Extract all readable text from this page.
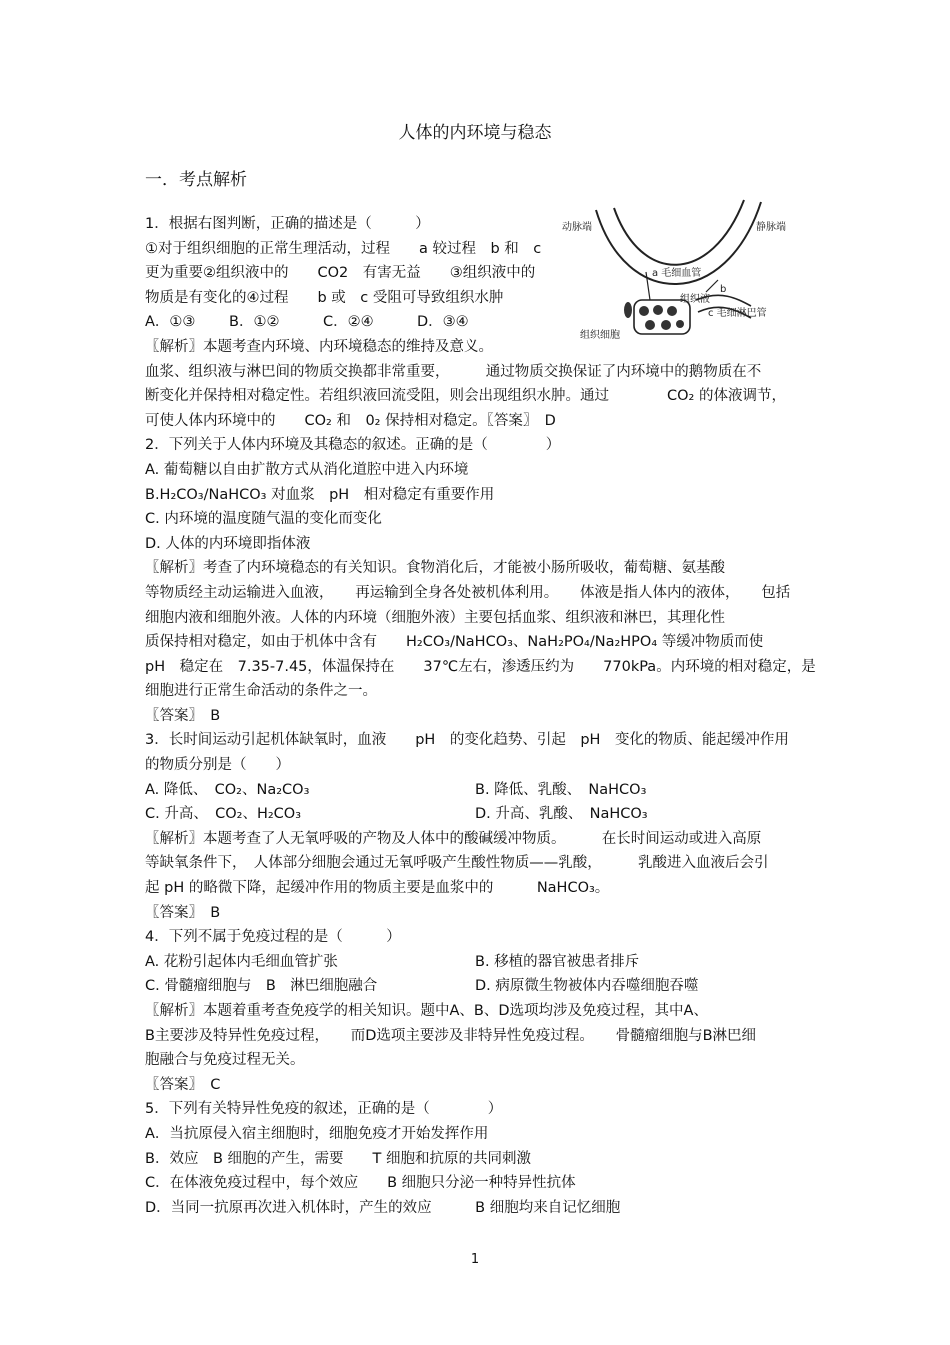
人体的内环境与稳态
一．考点解析
动脉端	静脉端
a 毛细血管
b
组织液
c 毛细淋巴管
组织细胞

1．根据右图判断，正确的描述是（　　　）

①对于组织细胞的正常生理活动，过程　　a 较过程　b 和　c

更为重要②组织液中的　　CO2　有害无益　　③组织液中的

物质是有变化的④过程　　b 或　c 受阻可导致组织水肿

A．①③	B．①②	C．②④	D．③④

〖解析〗本题考查内环境、内环境稳态的维持及意义。

血浆、组织液与淋巴间的物质交换都非常重要，　　　通过物质交换保证了内环境中的鹅物质在不

断变化并保持相对稳定性。若组织液回流受阻，则会出现组织水肿。通过　　　　CO₂ 的体液调节，

可使人体内环境中的　　CO₂ 和　0₂ 保持相对稳定。〖答案〗　D

2．下列关于人体内环境及其稳态的叙述。正确的是（　　　　）

A. 葡萄糖以自由扩散方式从消化道腔中进入内环境

B.H₂CO₃/NaHCO₃ 对血浆　pH　相对稳定有重要作用

C. 内环境的温度随气温的变化而变化

D. 人体的内环境即指体液

〖解析〗考查了内环境稳态的有关知识。食物消化后，才能被小肠所吸收，葡萄糖、氨基酸

等物质经主动运输进入血液，　　再运输到全身各处被机体利用。　　体液是指人体内的液体，　　包括

细胞内液和细胞外液。人体的内环境（细胞外液）主要包括血浆、组织液和淋巴，其理化性

质保持相对稳定，如由于机体中含有　　H₂CO₃/NaHCO₃、NaH₂PO₄/Na₂HPO₄ 等缓冲物质而使

pH　稳定在　7.35-7.45，体温保持在　　37℃左右，渗透压约为　　770kPa。内环境的相对稳定，是

细胞进行正常生命活动的条件之一。

〖答案〗　B

3．长时间运动引起机体缺氧时，血液　　pH　的变化趋势、引起　pH　变化的物质、能起缓冲作用

的物质分别是（　　）

A. 降低、　CO₂、Na₂CO₃	B. 降低、乳酸、　NaHCO₃

C. 升高、　CO₂、H₂CO₃	D. 升高、乳酸、　NaHCO₃

〖解析〗本题考查了人无氧呼吸的产物及人体中的酸碱缓冲物质。　　　在长时间运动或进入高原

等缺氧条件下，　人体部分细胞会通过无氧呼吸产生酸性物质——乳酸，　　　乳酸进入血液后会引

起 pH 的略微下降，起缓冲作用的物质主要是血浆中的　　　NaHCO₃。

〖答案〗　B

4．下列不属于免疫过程的是（　　　）

A. 花粉引起体内毛细血管扩张	B. 移植的器官被患者排斥

C. 骨髓瘤细胞与　B　淋巴细胞融合	D. 病原微生物被体内吞噬细胞吞噬

〖解析〗本题着重考查免疫学的相关知识。题中A、B、D选项均涉及免疫过程，其中A、

B主要涉及特异性免疫过程，　　而D选项主要涉及非特异性免疫过程。　　骨髓瘤细胞与B淋巴细

胞融合与免疫过程无关。

〖答案〗　C

5．下列有关特异性免疫的叙述，正确的是（　　　　）

A．当抗原侵入宿主细胞时，细胞免疫才开始发挥作用

B．效应　B 细胞的产生，需要　　T 细胞和抗原的共同刺激

C．在体液免疫过程中，每个效应　　B 细胞只分泌一种特异性抗体

D．当同一抗原再次进入机体时，产生的效应　　　B 细胞均来自记忆细胞

1
